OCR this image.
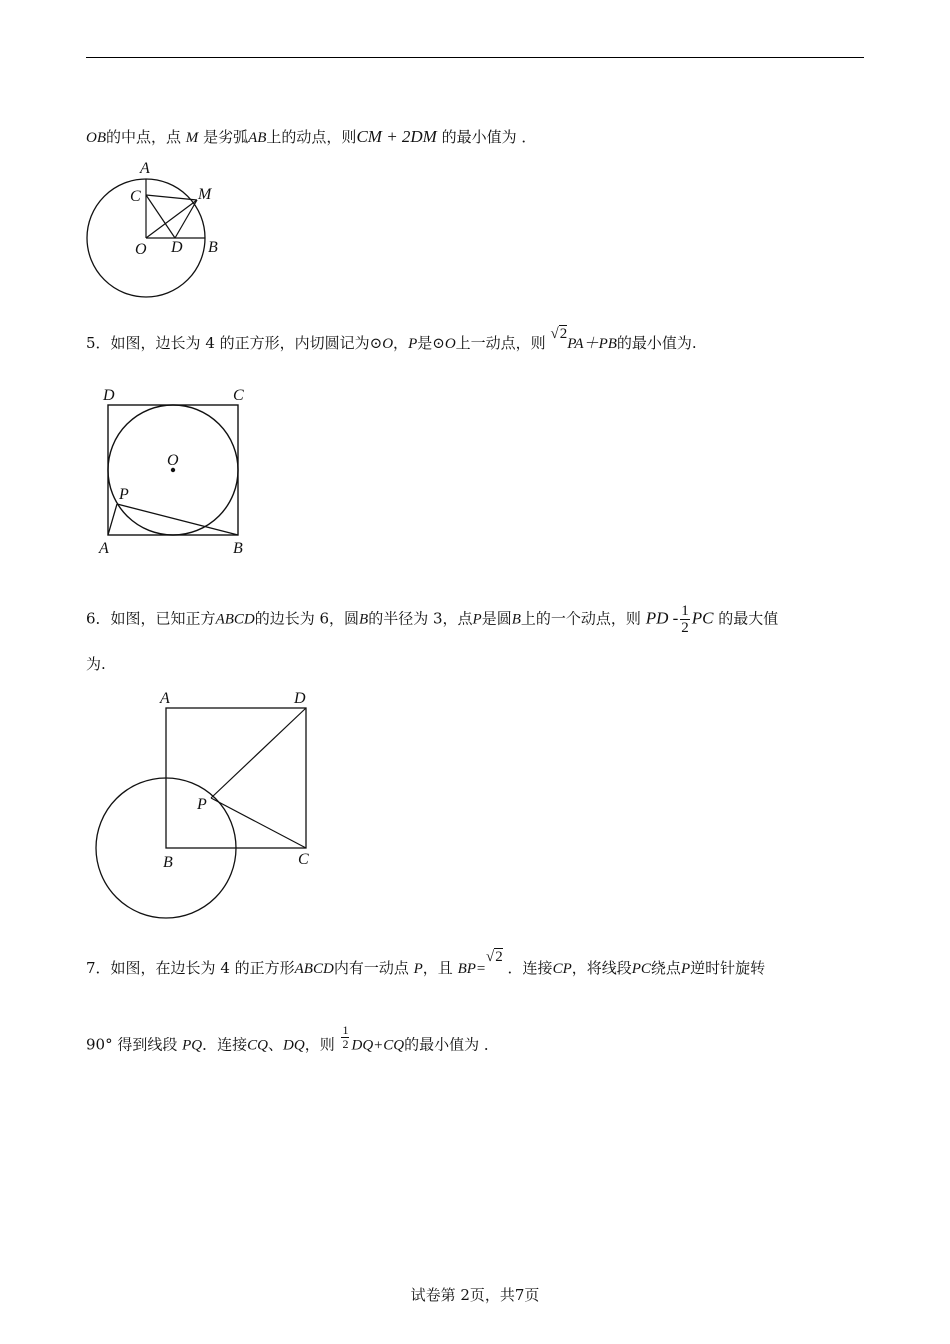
OB的中点，点 M 是劣弧AB上的动点，则CM + 2DM 的最小值为 ．
A
C	M
O D B
5．如图，边长为 4 的正方形，内切圆记为⊙O，P是⊙O上一动点，则 √2PA＋PB的最小值为.
D	C
O
P
A	B
6．如图，已知正方ABCD的边长为 6，圆B的半径为 3，点P是圆B上的一个动点，则 PD - $\frac{1}{2}$ PC 的最大值
为.
A	D
P
B	C
7．如图，在边长为 4 的正方形ABCD内有一动点 P，且 BP=√2 ．连接CP，将线段PC绕点P逆时针旋转
90° 得到线段 PQ．连接CQ、DQ，则 $\frac{1}{2} DQ+CQ$的最小值为 ．
试卷第 2页，共7页
